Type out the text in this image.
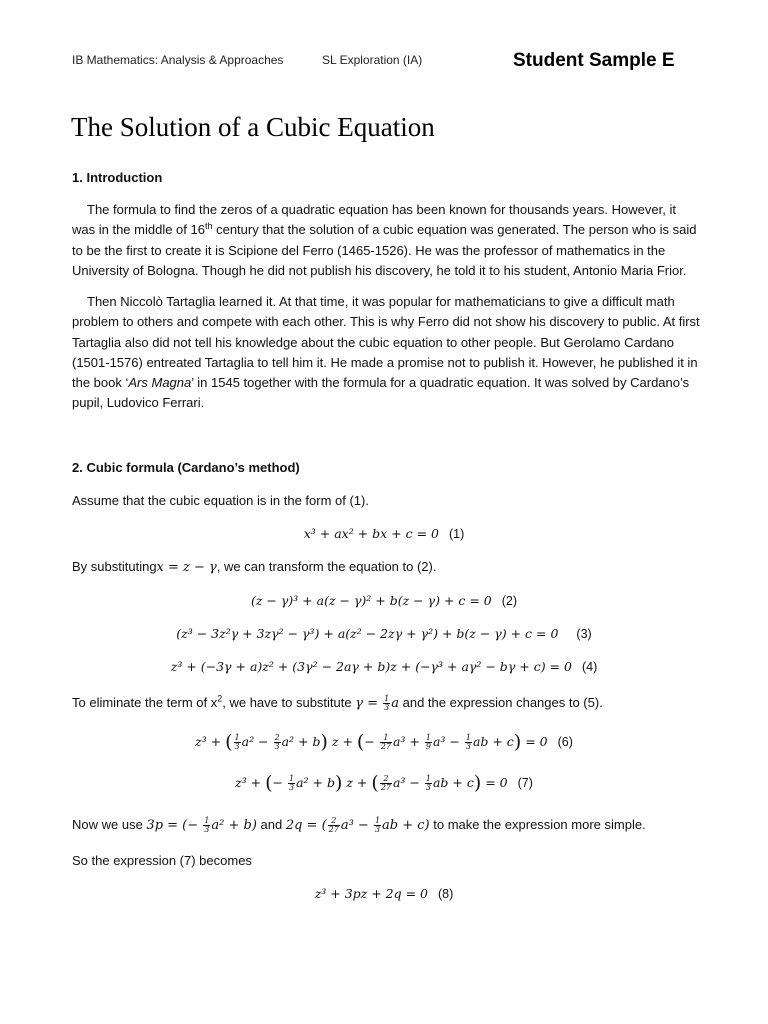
IB Mathematics: Analysis & Approaches	SL Exploration (IA)	Student Sample E
The Solution of a Cubic Equation
1. Introduction

The formula to find the zeros of a quadratic equation has been known for thousands years. However, it was in the middle of 16th century that the solution of a cubic equation was generated. The person who is said to be the first to create it is Scipione del Ferro (1465-1526). He was the professor of mathematics in the University of Bologna. Though he did not publish his discovery, he told it to his student, Antonio Maria Frior.

Then Niccolò Tartaglia learned it. At that time, it was popular for mathematicians to give a difficult math problem to others and compete with each other. This is why Ferro did not show his discovery to public. At first Tartaglia also did not tell his knowledge about the cubic equation to other people. But Gerolamo Cardano (1501-1576) entreated Tartaglia to tell him it. He made a promise not to publish it. However, he published it in the book ‘Ars Magna’ in 1545 together with the formula for a quadratic equation. It was solved by Cardano’s pupil, Ludovico Ferrari.

2. Cubic formula (Cardano’s method)

Assume that the cubic equation is in the form of (1).

x³ + ax² + bx + c = 0 (1)

By substitutingx = z − γ, we can transform the equation to (2).

(z − γ)³ + a(z − γ)² + b(z − γ) + c = 0 (2)
(z³ − 3z²γ + 3zγ² − γ³) + a(z² − 2zγ + γ²) + b(z − γ) + c = 0 (3)
z³ + (−3γ + a)z² + (3γ² − 2aγ + b)z + (−γ³ + aγ² − bγ + c) = 0 (4)

To eliminate the term of $x^2$, we have to substitute $\gamma = \frac{1}{3}$ a and the expression changes to (5).

z³ + ( $\frac{1}{3} a^2 - \frac{2}{3} a^2 + b$) z + (− $\frac{1}{27} a^3 + \frac{1}{9} a^3 - \frac{1}{3}$ ab + c) = 0 (6)
z³ + (− $\frac{1}{3} a^2 + b$) z + ( $\frac{2}{27} a^3 - \frac{1}{3}$ ab + c) = 0 (7)

Now we use 3p = (− $\frac{1}{3} a^2 + b$) and 2q = ( $\frac{2}{27} a^3 - \frac{1}{3}$ ab + c) to make the expression more simple.

So the expression (7) becomes

z³ + 3pz + 2q = 0 (8)
